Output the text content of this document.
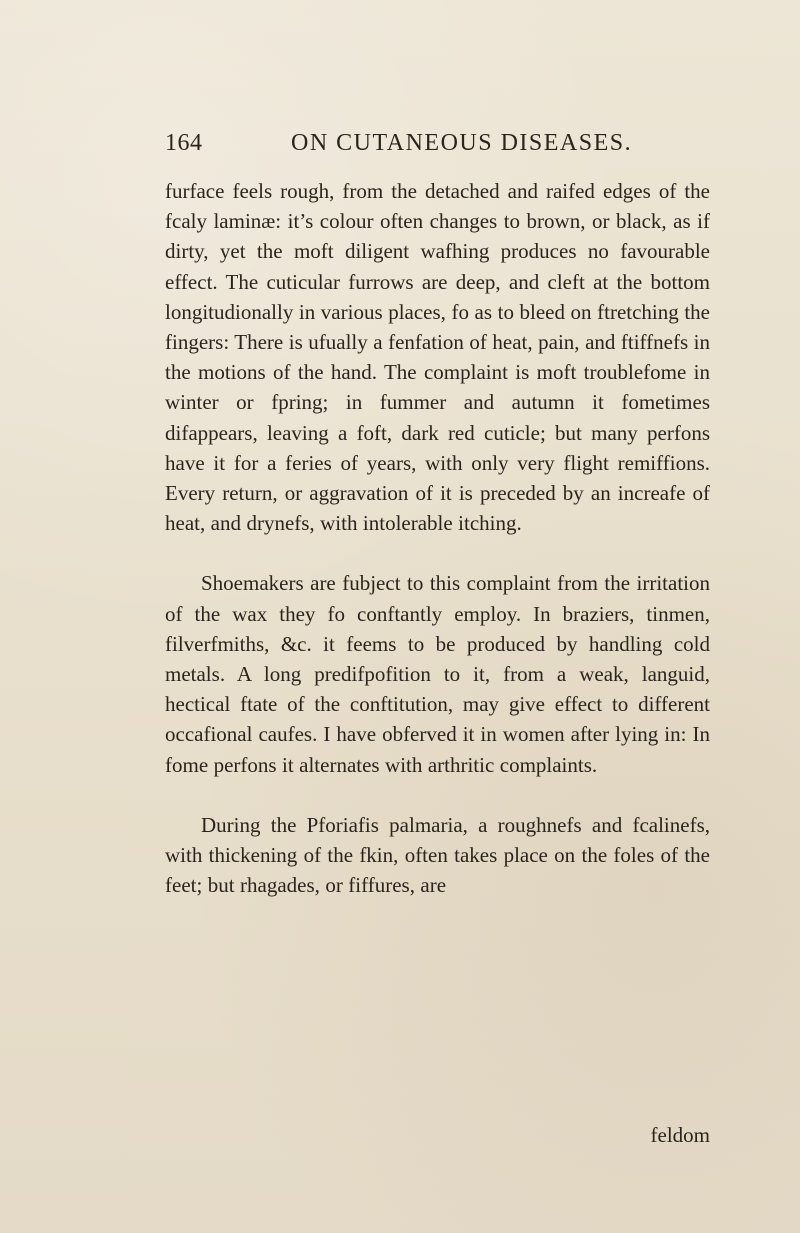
164	ON CUTANEOUS DISEASES.

furface feels rough, from the detached and raifed edges of the fcaly laminæ: it’s colour often changes to brown, or black, as if dirty, yet the moft diligent wafhing produces no favourable effect. The cuticular furrows are deep, and cleft at the bottom longitudionally in various places, fo as to bleed on ftretching the fingers: There is ufually a fenfation of heat, pain, and ftiffnefs in the motions of the hand. The complaint is moft troublefome in winter or fpring; in fummer and autumn it fometimes difappears, leaving a foft, dark red cuticle; but many perfons have it for a feries of years, with only very flight remiffions. Every return, or aggravation of it is preceded by an increafe of heat, and drynefs, with intolerable itching.

Shoemakers are fubject to this complaint from the irritation of the wax they fo conftantly employ. In braziers, tinmen, filverfmiths, &c. it feems to be produced by handling cold metals. A long predifpofition to it, from a weak, languid, hectical ftate of the conftitution, may give effect to different occafional caufes. I have obferved it in women after lying in: In fome perfons it alternates with arthritic complaints.

During the Pforiafis palmaria, a roughnefs and fcalinefs, with thickening of the fkin, often takes place on the foles of the feet; but rhagades, or fiffures, are

feldom
